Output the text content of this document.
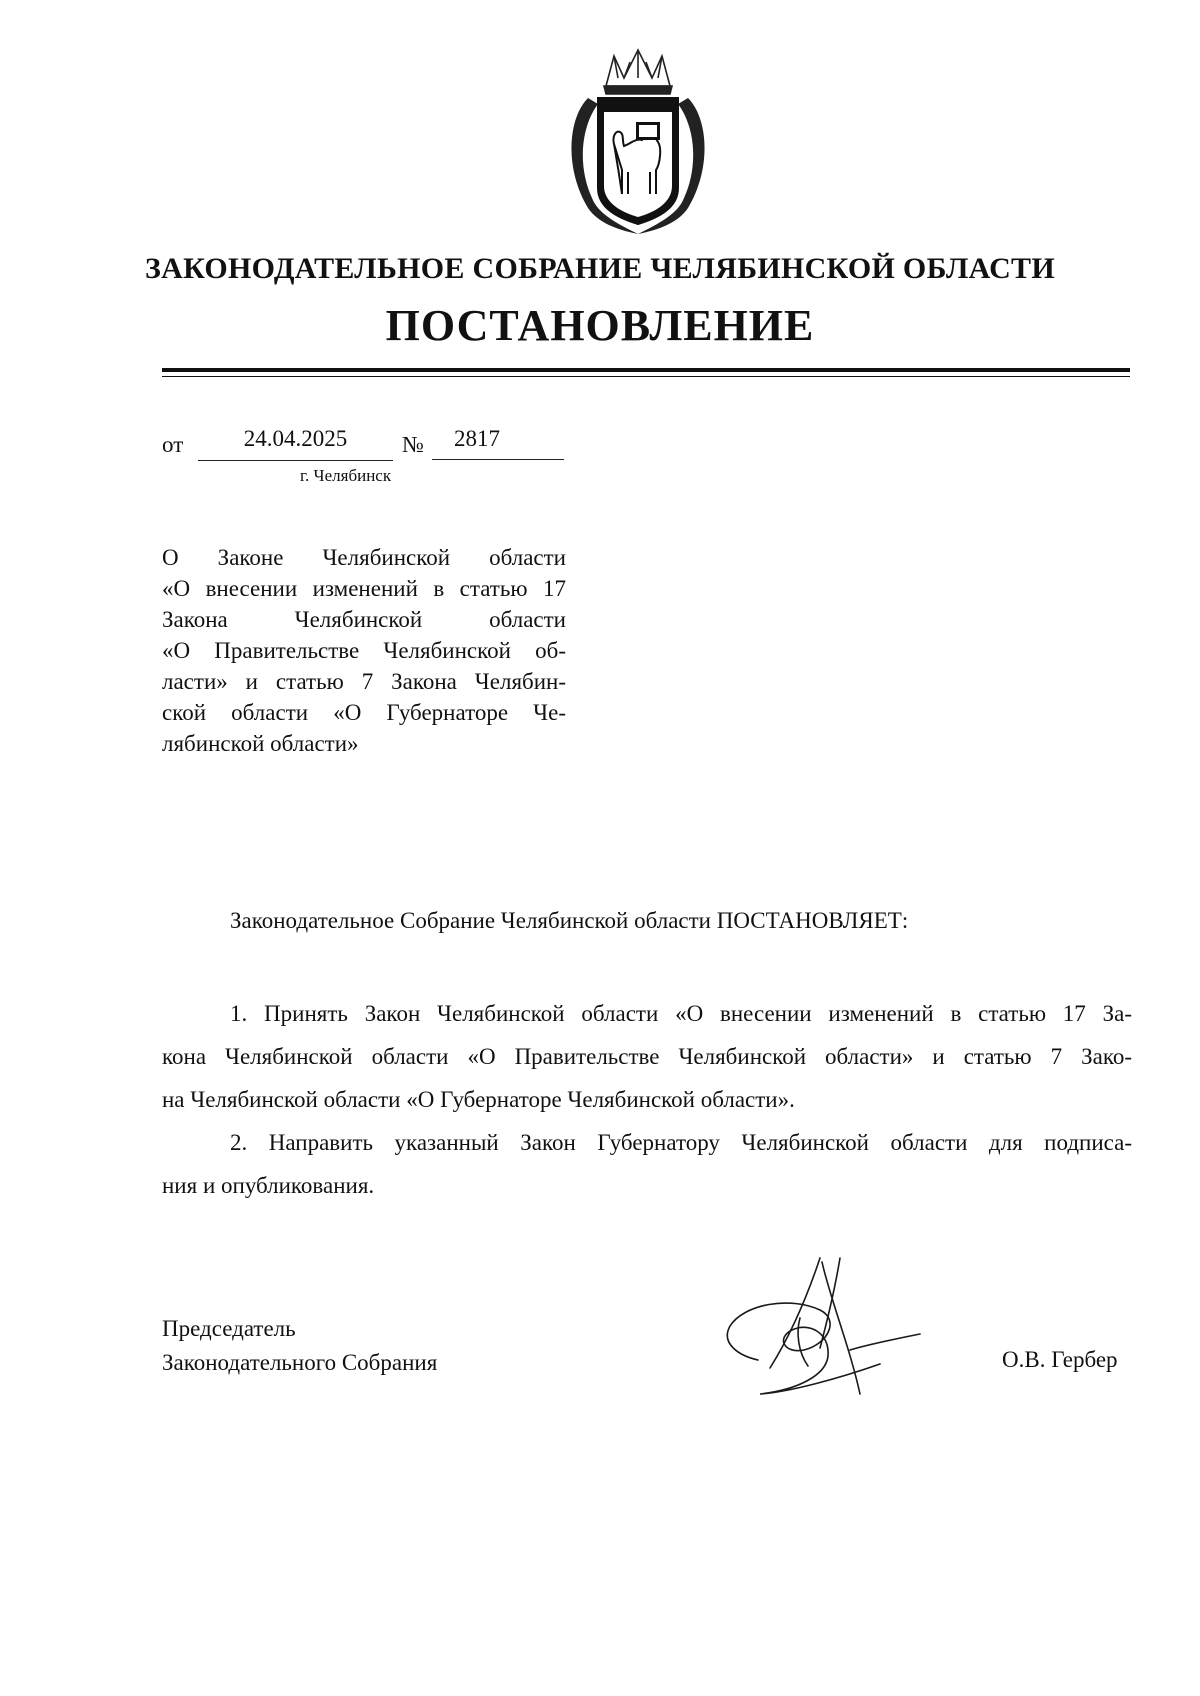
ЗАКОНОДАТЕЛЬНОЕ СОБРАНИЕ ЧЕЛЯБИНСКОЙ ОБЛАСТИ
ПОСТАНОВЛЕНИЕ
от	24.04.2025	№	2817
г. Челябинск
О Законе Челябинской области
«О внесении изменений в статью 17
Закона Челябинской области
«О Правительстве Челябинской об-
ласти» и статью 7 Закона Челябин-
ской области «О Губернаторе Че-
лябинской области»
Законодательное Собрание Челябинской области ПОСТАНОВЛЯЕТ:
1. Принять Закон Челябинской области «О внесении изменений в статью 17 За-
кона Челябинской области «О Правительстве Челябинской области» и статью 7 Зако-
на Челябинской области «О Губернаторе Челябинской области».
2. Направить указанный Закон Губернатору Челябинской области для подписа-
ния и опубликования.
Председатель
Законодательного Собрания	О.В. Гербер
